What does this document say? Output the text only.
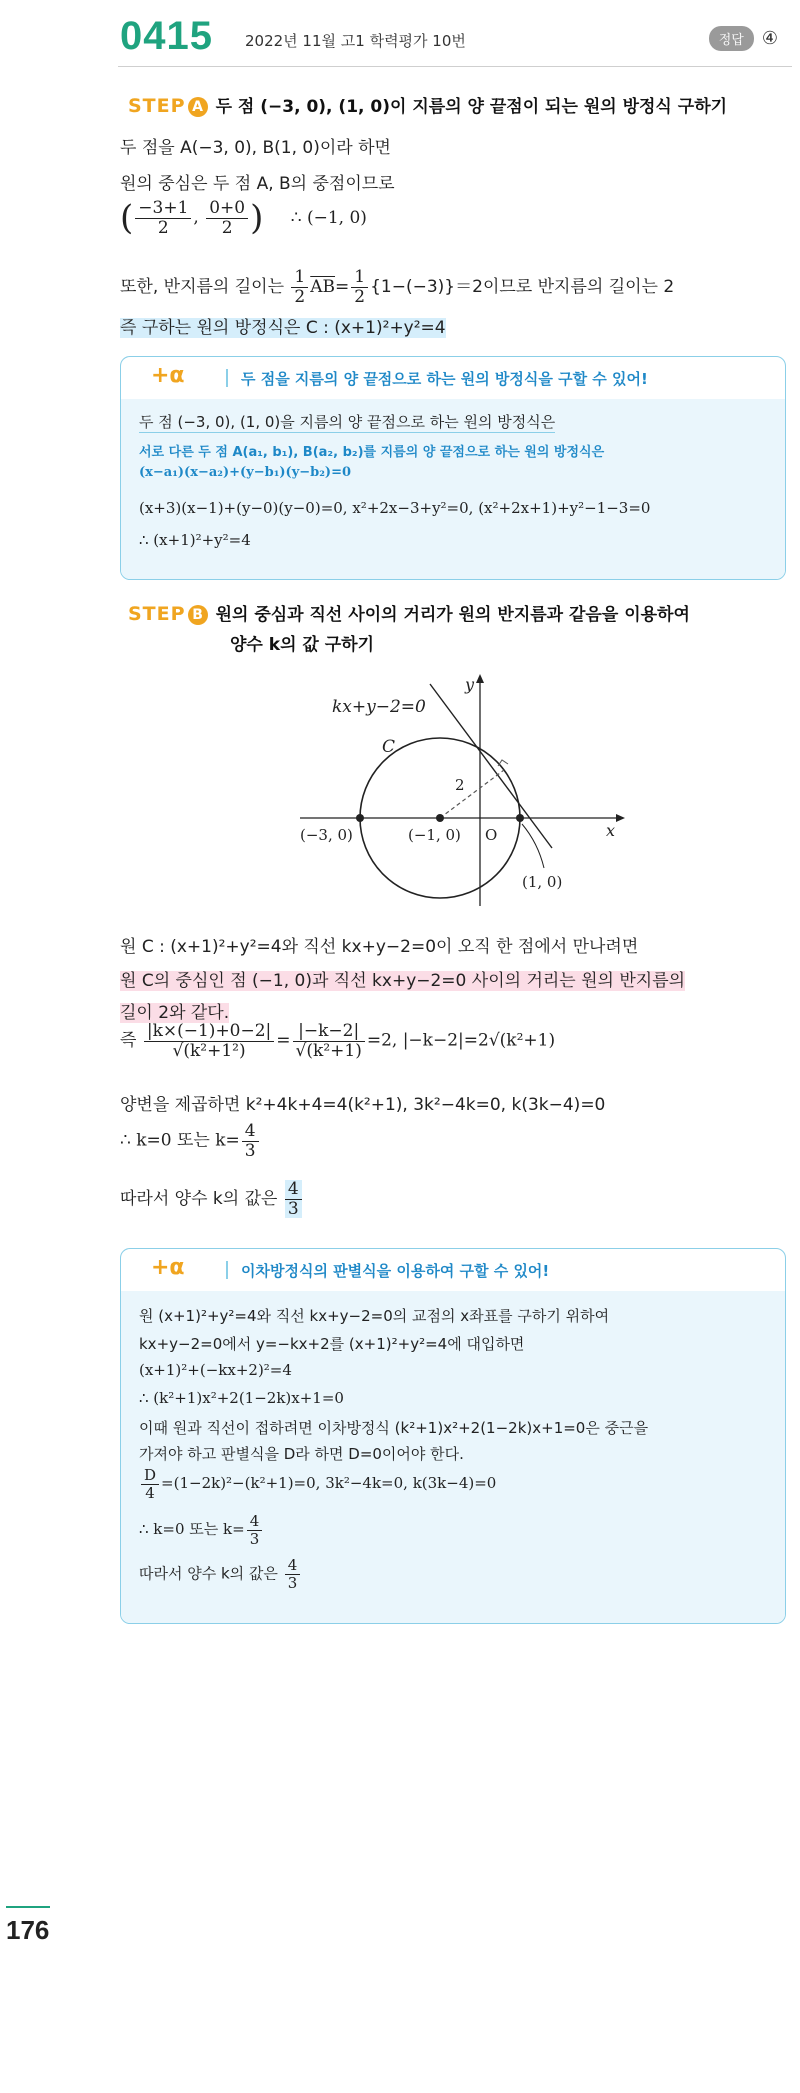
0415 2022년 11월 고1 학력평가 10번	정답	④
STEP A 두 점 (−3, 0), (1, 0)이 지름의 양 끝점이 되는 원의 방정식 구하기
두 점을 A(−3, 0), B(1, 0)이라 하면
원의 중심은 두 점 A, B의 중점이므로
( $\frac{-3+1}{2}$ , $\frac{0+0}{2}$ ) ∴ (−1, 0)
또한, 반지름의 길이는 $\frac{1}{2} \overline{AB}= \frac{1}{2} \{1-(-3)\}=2$이므로 반지름의 길이는 2
즉 구하는 원의 방정식은 C : (x+1)²+y²=4
+α	두 점을 지름의 양 끝점으로 하는 원의 방정식을 구할 수 있어!
두 점 (−3, 0), (1, 0)을 지름의 양 끝점으로 하는 원의 방정식은
서로 다른 두 점 A(a₁, b₁), B(a₂, b₂)를 지름의 양 끝점으로 하는 원의 방정식은
(x−a₁)(x−a₂)+(y−b₁)(y−b₂)=0
(x+3)(x−1)+(y−0)(y−0)=0, x²+2x−3+y²=0, (x²+2x+1)+y²−1−3=0
∴ (x+1)²+y²=4
STEP B 원의 중심과 직선 사이의 거리가 원의 반지름과 같음을 이용하여
양수 k의 값 구하기
kx+y−2=0
y
x
C
2
O
(−3, 0)	(−1, 0)
(1, 0)
원 C : (x+1)²+y²=4와 직선 kx+y−2=0이 오직 한 점에서 만나려면
원 C의 중심인 점 (−1, 0)과 직선 kx+y−2=0 사이의 거리는 원의 반지름의
길이 2와 같다.
즉 $\frac{|k\times(-1)+0-2|}{\text{√(k²+1²)}} = \frac{|-k-2|}{\text{√(k²+1)}} =2$, |−k−2|=2√(k²+1)
양변을 제곱하면 k²+4k+4=4(k²+1), 3k²−4k=0, k(3k−4)=0
∴ k=0 또는 $k= \frac{4}{3}$
따라서 양수 k의 값은 $\frac{4}{3}$
+α	이차방정식의 판별식을 이용하여 구할 수 있어!
원 (x+1)²+y²=4와 직선 kx+y−2=0의 교점의 x좌표를 구하기 위하여
kx+y−2=0에서 y=−kx+2를 (x+1)²+y²=4에 대입하면
(x+1)²+(−kx+2)²=4
∴ (k²+1)x²+2(1−2k)x+1=0
이때 원과 직선이 접하려면 이차방정식 (k²+1)x²+2(1−2k)x+1=0은 중근을
가져야 하고 판별식을 D라 하면 D=0이어야 한다.
$\frac{D}{4} =(1-2k)^2-(k^2+1)=0$, 3k²−4k=0, k(3k−4)=0
∴ k=0 또는 $k= \frac{4}{3}$
따라서 양수 k의 값은 $\frac{4}{3}$
176
